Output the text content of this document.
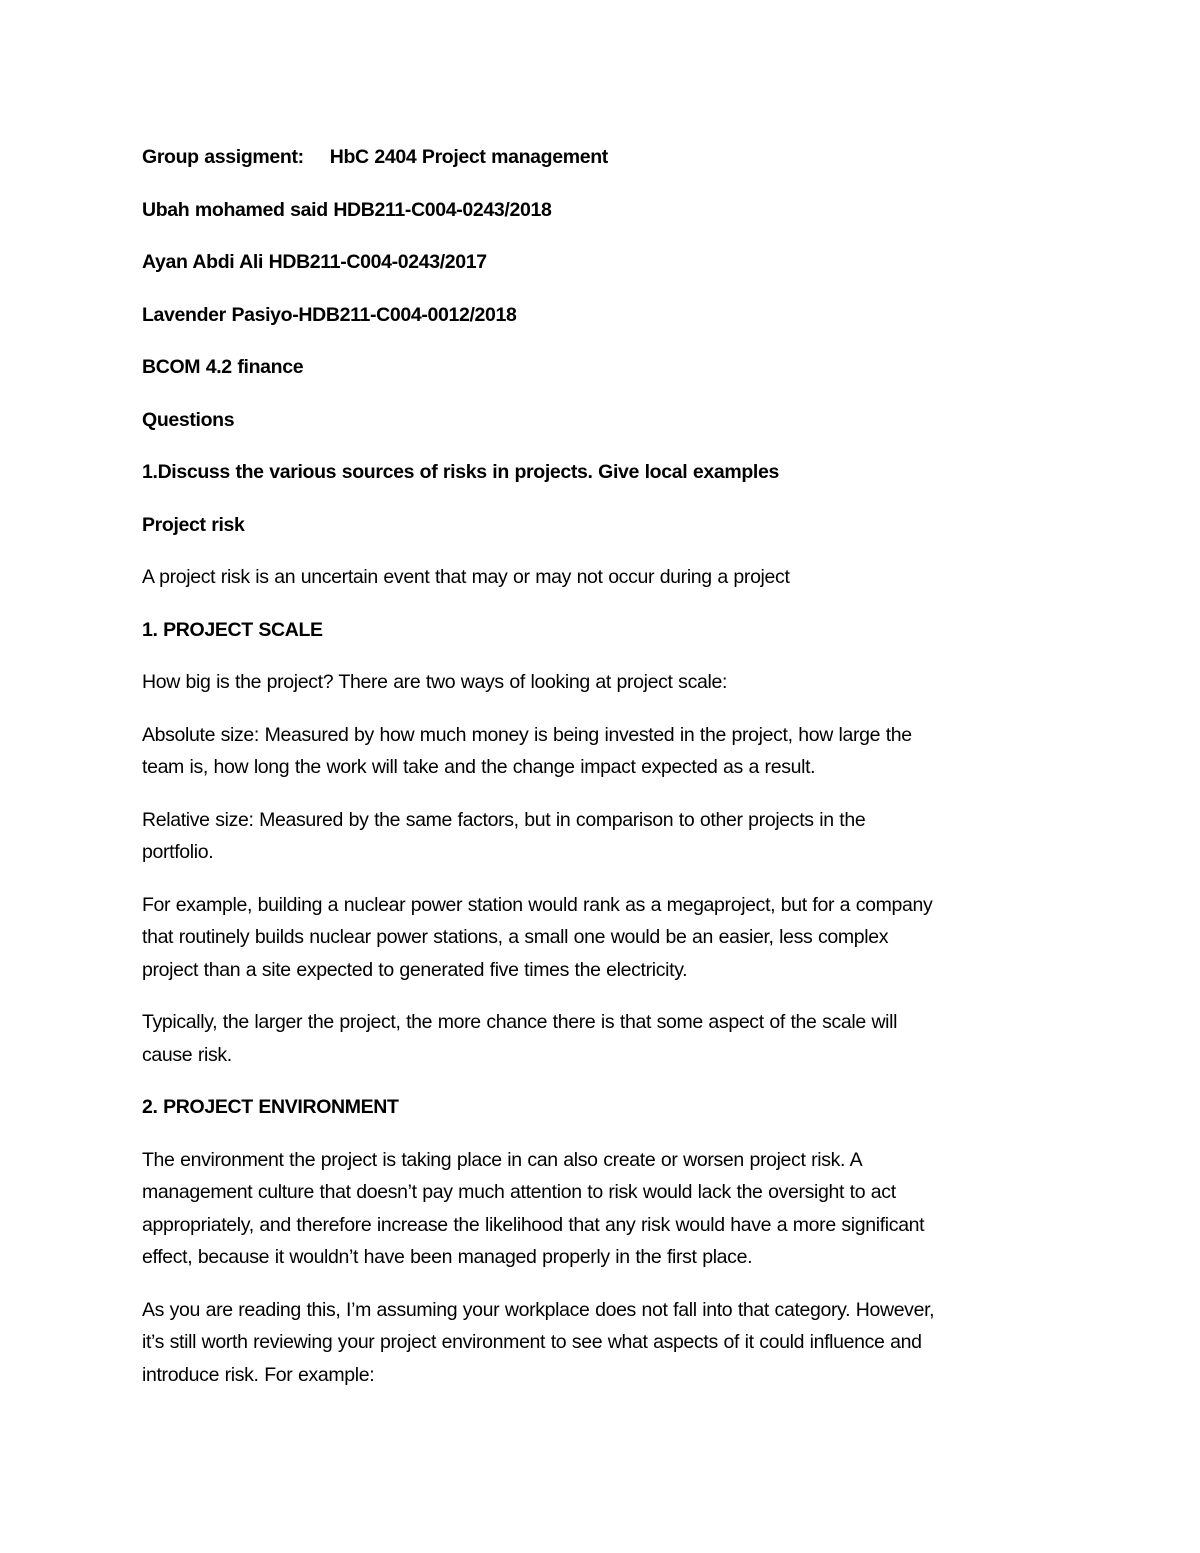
Group assigment: HbC 2404 Project management

Ubah mohamed said HDB211-C004-0243/2018

Ayan Abdi Ali HDB211-C004-0243/2017

Lavender Pasiyo-HDB211-C004-0012/2018

BCOM 4.2 finance

Questions

1.Discuss the various sources of risks in projects. Give local examples

Project risk

A project risk is an uncertain event that may or may not occur during a project

1. PROJECT SCALE

How big is the project? There are two ways of looking at project scale:

Absolute size: Measured by how much money is being invested in the project, how large the

team is, how long the work will take and the change impact expected as a result.

Relative size: Measured by the same factors, but in comparison to other projects in the

portfolio.

For example, building a nuclear power station would rank as a megaproject, but for a company

that routinely builds nuclear power stations, a small one would be an easier, less complex

project than a site expected to generated five times the electricity.

Typically, the larger the project, the more chance there is that some aspect of the scale will

cause risk.

2. PROJECT ENVIRONMENT

The environment the project is taking place in can also create or worsen project risk. A

management culture that doesn’t pay much attention to risk would lack the oversight to act

appropriately, and therefore increase the likelihood that any risk would have a more significant

effect, because it wouldn’t have been managed properly in the first place.

As you are reading this, I’m assuming your workplace does not fall into that category. However,

it’s still worth reviewing your project environment to see what aspects of it could influence and

introduce risk. For example:
